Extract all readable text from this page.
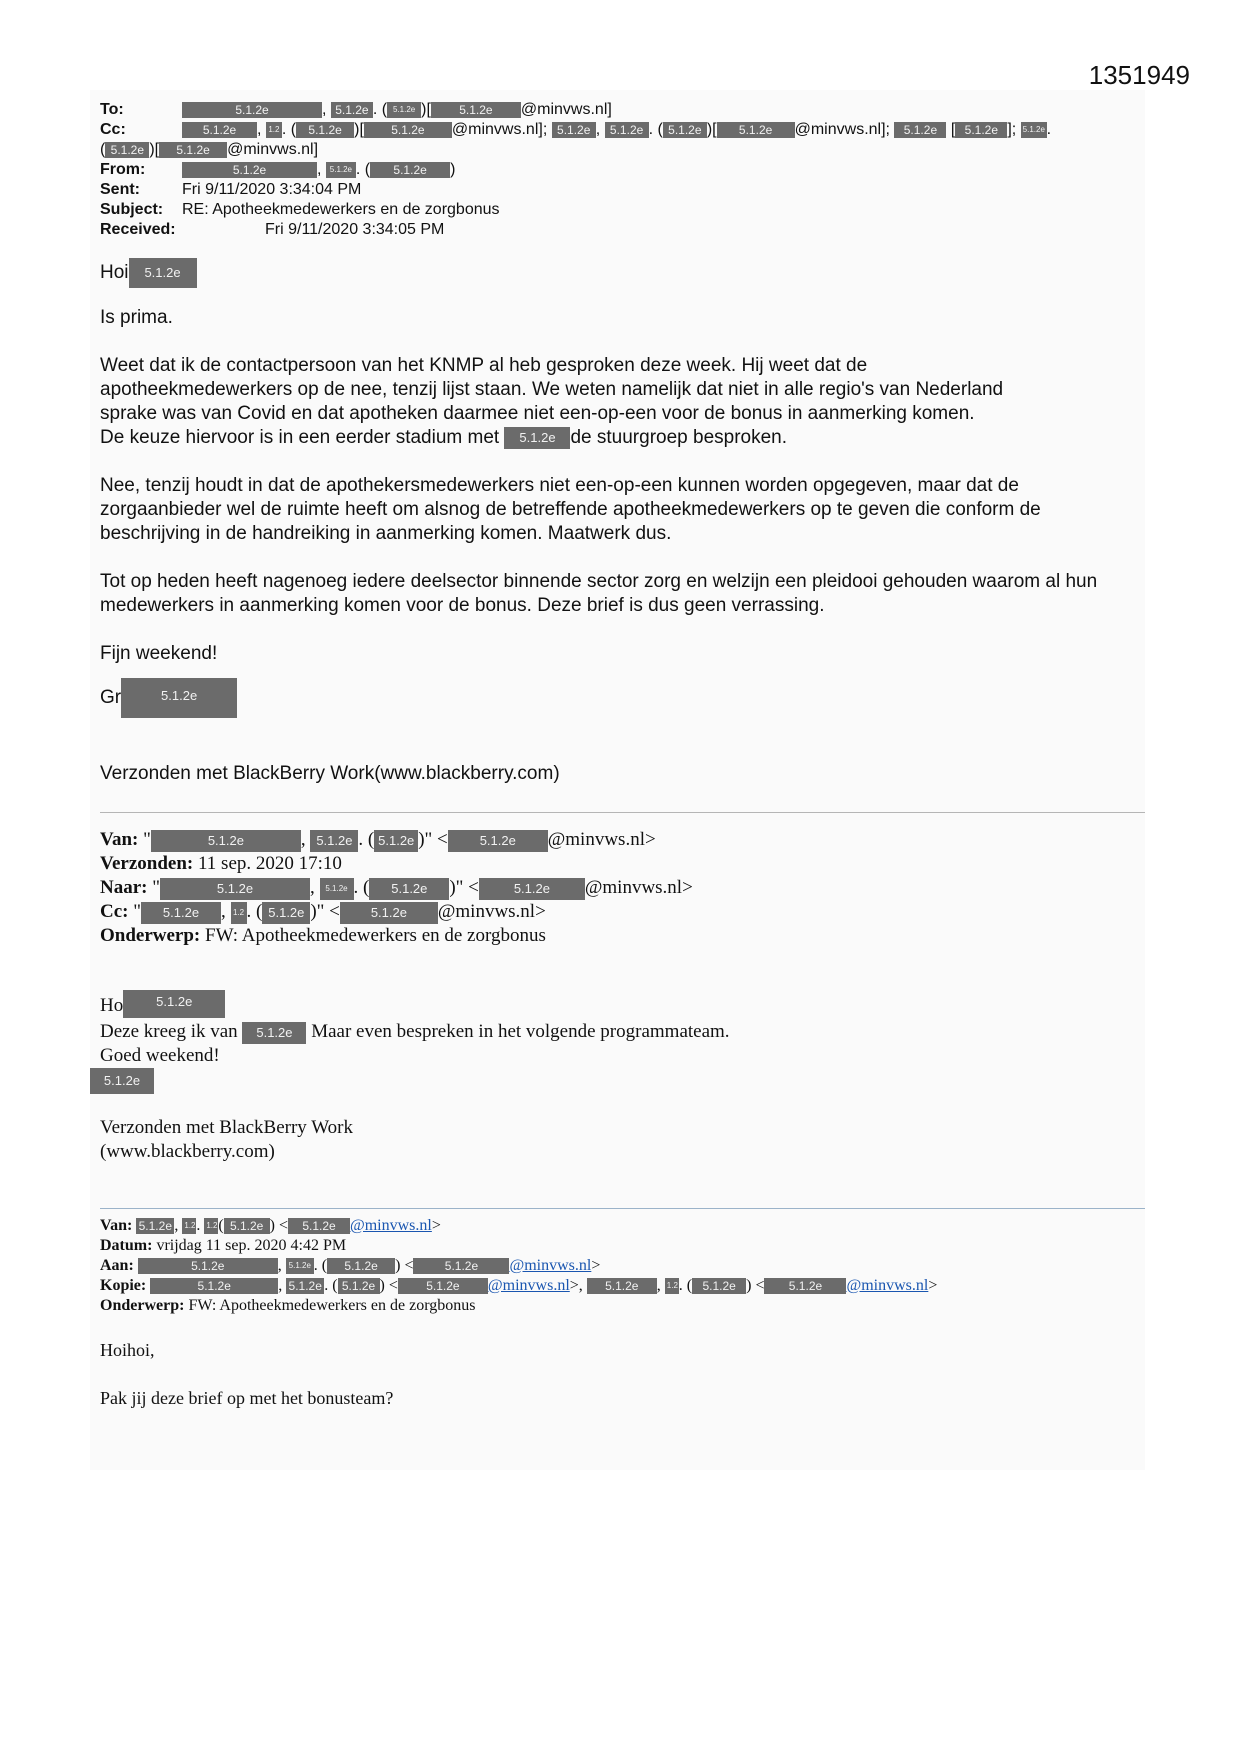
1351949
To:	5.1.2e	, 5.1.2e . ( 5.1.2e )[ 5.1.2e @minvws.nl]
Cc:	5.1.2e , 1.2 . ( 5.1.2e )[ 5.1.2e @minvws.nl]; 5.1.2e , 5.1.2e . ( 5.1.2e )[ 5.1.2e @minvws.nl]; 5.1.2e [ 5.1.2e ]; 5.1.2e .
( 5.1.2e )[ 5.1.2e @minvws.nl]
From:	5.1.2e	, 5.1.2e . ( 5.1.2e )
Sent:	Fri 9/11/2020 3:34:04 PM
Subject: RE: Apotheekmedewerkers en de zorgbonus
Received:	Fri 9/11/2020 3:34:05 PM
Hoi 5.1.2e
Is prima.

Weet dat ik de contactpersoon van het KNMP al heb gesproken deze week. Hij weet dat de

apotheekmedewerkers op de nee, tenzij lijst staan. We weten namelijk dat niet in alle regio's van Nederland

sprake was van Covid en dat apotheken daarmee niet een-op-een voor de bonus in aanmerking komen.

De keuze hiervoor is in een eerder stadium met 5.1.2e de stuurgroep besproken.

Nee, tenzij houdt in dat de apothekersmedewerkers niet een-op-een kunnen worden opgegeven, maar dat de zorgaanbieder wel de ruimte heeft om alsnog de betreffende apotheekmedewerkers op te geven die conform de beschrijving in de handreiking in aanmerking komen. Maatwerk dus.
Tot op heden heeft nagenoeg iedere deelsector binnende sector zorg en welzijn een pleidooi gehouden waarom al hun medewerkers in aanmerking komen voor de bonus. Deze brief is dus geen verrassing.
Fijn weekend!
Gr	5.1.2e
Verzonden met BlackBerry Work(www.blackberry.com)
Van: "	5.1.2e	, 5.1.2e . ( 5.1.2e )" < 5.1.2e @minvws.nl>
Verzonden: 11 sep. 2020 17:10
Naar: "	5.1.2e	, 5.1.2e . ( 5.1.2e )" <	5.1.2e @minvws.nl>
Cc: " 5.1.2e , 1.2 . ( 5.1.2e )" < 5.1.2e @minvws.nl>
Onderwerp: FW: Apotheekmedewerkers en de zorgbonus
Ho	5.1.2e
Deze kreeg ik van 5.1.2e Maar even bespreken in het volgende programmateam.
Goed weekend!
5.1.2e
Verzonden met BlackBerry Work
(www.blackberry.com)
Van: 5.1.2e , 1.2. 1.2( 5.1.2e ) < 5.1.2e @minvws.nl>
Datum: vrijdag 11 sep. 2020 4:42 PM
Aan:	5.1.2e	, 5.1.2e . ( 5.1.2e ) <	5.1.2e @minvws.nl>
Kopie:	5.1.2e	, 5.1.2e . ( 5.1.2e ) < 5.1.2e @minvws.nl>, 5.1.2e , 1.2. ( 5.1.2e ) < 5.1.2e @minvws.nl>
Onderwerp: FW: Apotheekmedewerkers en de zorgbonus
Hoihoi,
Pak jij deze brief op met het bonusteam?
